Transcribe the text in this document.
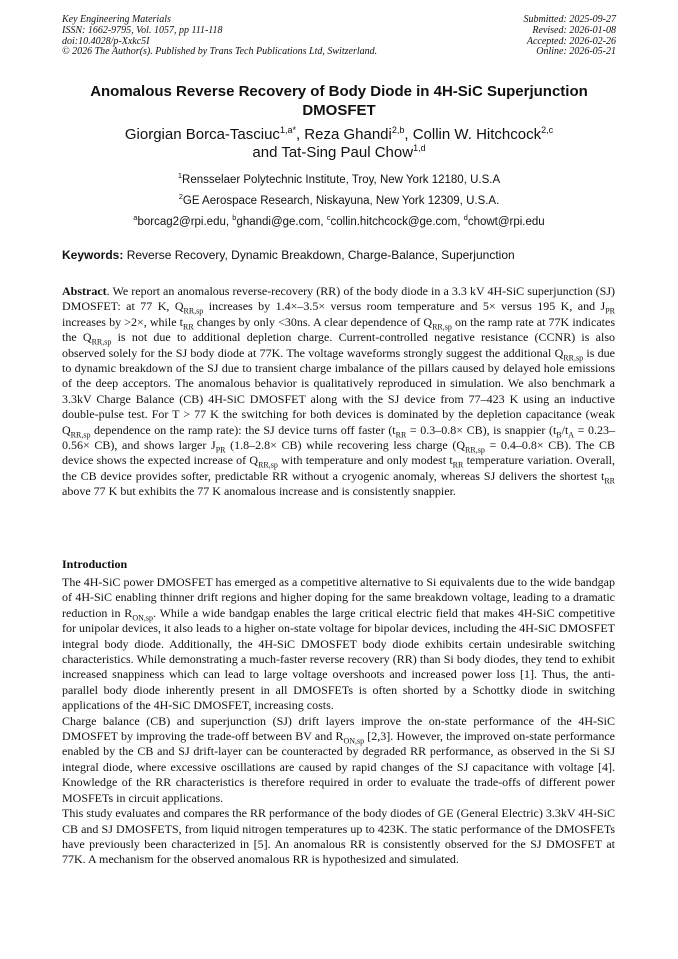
Key Engineering Materials
ISSN: 1662-9795, Vol. 1057, pp 111-118
doi:10.4028/p-Xxkc5I
© 2026 The Author(s). Published by Trans Tech Publications Ltd, Switzerland.
Submitted: 2025-09-27
Revised: 2026-01-08
Accepted: 2026-02-26
Online: 2026-05-21
Anomalous Reverse Recovery of Body Diode in 4H-SiC Superjunction DMOSFET
Giorgian Borca-Tasciuc$^{1,a*}$, Reza Ghandi$^{2,b}$, Collin W. Hitchcock$^{2,c}$
and Tat-Sing Paul Chow$^{1,d}$
$^1$Rensselaer Polytechnic Institute, Troy, New York 12180, U.S.A
$^2$GE Aerospace Research, Niskayuna, New York 12309, U.S.A.
$^a$borcag2@rpi.edu, $^b$ghandi@ge.com, $^c$collin.hitchcock@ge.com, $^d$chowt@rpi.edu
Keywords: Reverse Recovery, Dynamic Breakdown, Charge-Balance, Superjunction
Abstract. We report an anomalous reverse-recovery (RR) of the body diode in a 3.3 kV 4H-SiC superjunction (SJ) DMOSFET: at 77 K, $Q_{RR,sp}$ increases by 1.4×–3.5× versus room temperature and 5× versus 195 K, and $J_{PR}$ increases by >2×, while $t_{RR}$ changes by only <30ns. A clear dependence of $Q_{RR,sp}$ on the ramp rate at 77K indicates the $Q_{RR,sp}$ is not due to additional depletion charge. Current-controlled negative resistance (CCNR) is also observed solely for the SJ body diode at 77K. The voltage waveforms strongly suggest the additional $Q_{RR,sp}$ is due to dynamic breakdown of the SJ due to transient charge imbalance of the pillars caused by delayed hole emissions of the deep acceptors. The anomalous behavior is qualitatively reproduced in simulation. We also benchmark a 3.3kV Charge Balance (CB) 4H-SiC DMOSFET along with the SJ device from 77–423 K using an inductive double-pulse test. For T > 77 K the switching for both devices is dominated by the depletion capacitance (weak $Q_{RR,sp}$ dependence on the ramp rate): the SJ device turns off faster $(t_{RR} = 0.3-0.8\times CB)$, is snappier $(t_B/t_A = 0.23-0.56\times CB)$, and shows larger $J_{PR}$ (1.8–2.8× CB) while recovering less charge $(Q_{RR,sp} = 0.4-0.8\times CB)$. The CB device shows the expected increase of $Q_{RR,sp}$ with temperature and only modest $t_{RR}$ temperature variation. Overall, the CB device provides softer, predictable RR without a cryogenic anomaly, whereas SJ delivers the shortest $t_{RR}$ above 77 K but exhibits the 77 K anomalous increase and is consistently snappier.
Introduction

The 4H-SiC power DMOSFET has emerged as a competitive alternative to Si equivalents due to the wide bandgap of 4H-SiC enabling thinner drift regions and higher doping for the same breakdown voltage, leading to a dramatic reduction in $R_{ON,sp}$. While a wide bandgap enables the large critical electric field that makes 4H-SiC competitive for unipolar devices, it also leads to a higher on-state voltage for bipolar devices, including the 4H-SiC DMOSFET integral body diode. Additionally, the 4H-SiC DMOSFET body diode exhibits certain undesirable switching characteristics. While demonstrating a much-faster reverse recovery (RR) than Si body diodes, they tend to exhibit increased snappiness which can lead to large voltage overshoots and increased power loss [1]. Thus, the anti-parallel body diode inherently present in all DMOSFETs is often shorted by a Schottky diode in switching applications of the 4H-SiC DMOSFET, increasing costs.

Charge balance (CB) and superjunction (SJ) drift layers improve the on-state performance of the 4H-SiC DMOSFET by improving the trade-off between BV and $R_{ON,sp}$ [2,3]. However, the improved on-state performance enabled by the CB and SJ drift-layer can be counteracted by degraded RR performance, as observed in the Si SJ integral diode, where excessive oscillations are caused by rapid changes of the SJ capacitance with voltage [4]. Knowledge of the RR characteristics is therefore required in order to evaluate the trade-offs of different power MOSFETs in circuit applications.

This study evaluates and compares the RR performance of the body diodes of GE (General Electric) 3.3kV 4H-SiC CB and SJ DMOSFETS, from liquid nitrogen temperatures up to 423K. The static performance of the DMOSFETs have previously been characterized in [5]. An anomalous RR is consistently observed for the SJ DMOSFET at 77K. A mechanism for the observed anomalous RR is hypothesized and simulated.
